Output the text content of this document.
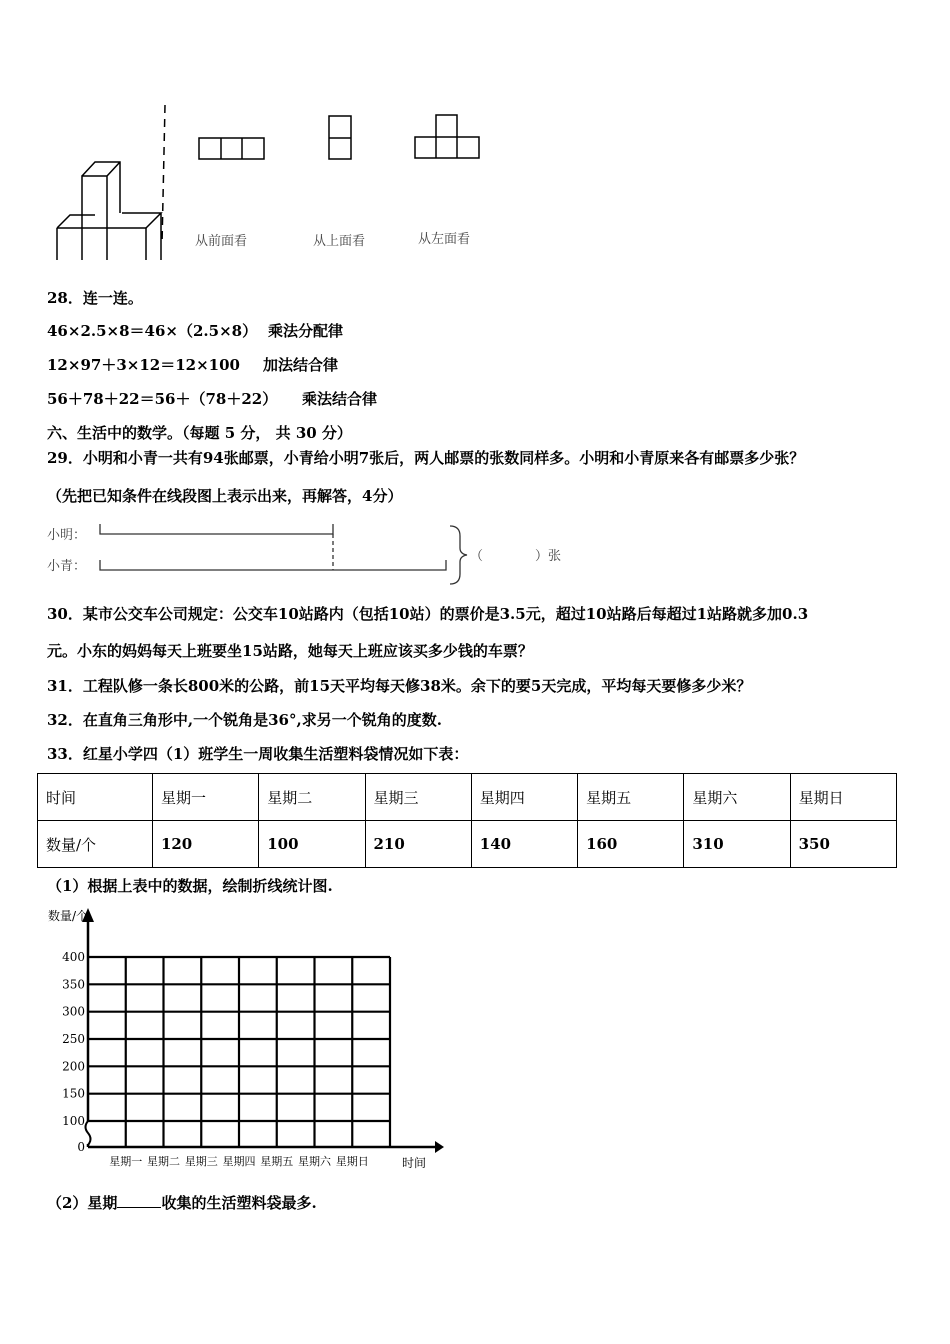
从前面看	从上面看	从左面看
28．连一连。
46×2.5×8＝46×（2.5×8） 乘法分配律
12×97＋3×12＝12×100 加法结合律
56＋78＋22＝56＋（78＋22） 乘法结合律
六、生活中的数学。（每题 5 分， 共 30 分）
29．小明和小青一共有94张邮票，小青给小明7张后，两人邮票的张数同样多。小明和小青原来各有邮票多少张？
（先把已知条件在线段图上表示出来，再解答，4分）
小明：
小青：
（　　　　）张
30．某市公交车公司规定：公交车10站路内（包括10站）的票价是3.5元，超过10站路后每超过1站路就多加0.3
元。小东的妈妈每天上班要坐15站路，她每天上班应该买多少钱的车票？
31．工程队修一条长800米的公路，前15天平均每天修38米。余下的要5天完成，平均每天要修多少米？
32．在直角三角形中,一个锐角是36°,求另一个锐角的度数.
33．红星小学四（1）班学生一周收集生活塑料袋情况如下表：
时间	星期一	星期二	星期三	星期四	星期五	星期六	星期日
数量/个	120	100	210	140	160	310	350
（1）根据上表中的数据，绘制折线统计图.
数量/个
时间
0
100
150
200
250
300
350
400
星期一 星期二 星期三 星期四 星期五 星期六 星期日
（2）星期	收集的生活塑料袋最多.
